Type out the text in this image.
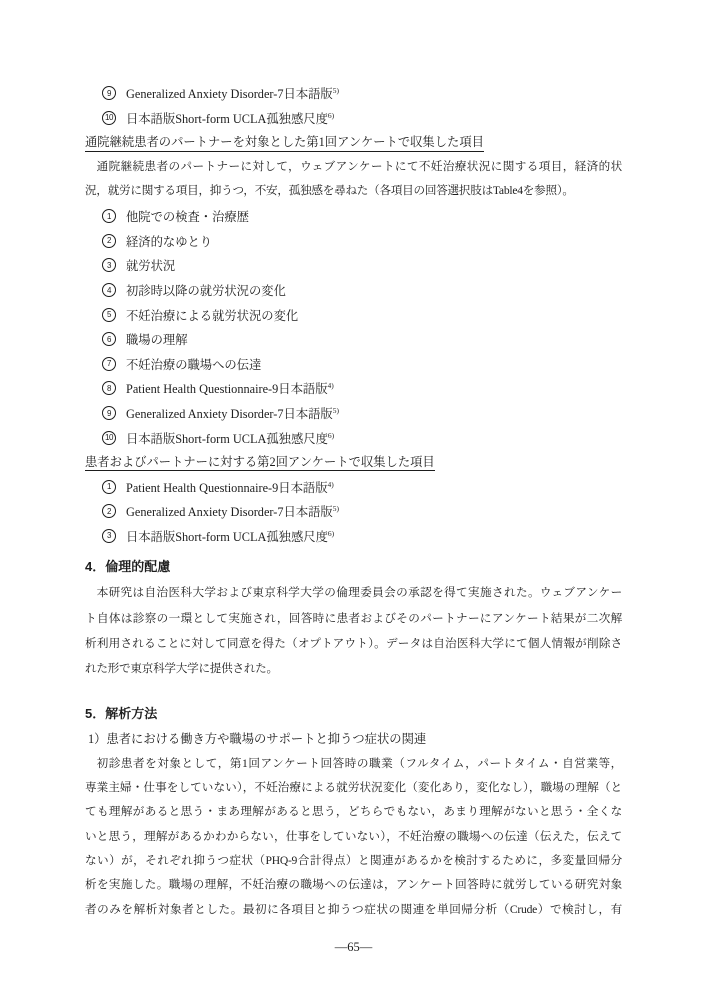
9	Generalized Anxiety Disorder-7日本語版$^{5)}$
10 日本語版Short-form UCLA孤独感尺度$^{6)}$
通院継続患者のパートナーを対象とした第1回アンケートで収集した項目
通院継続患者のパートナーに対して，ウェブアンケートにて不妊治療状況に関する項目，経済的状
況，就労に関する項目，抑うつ，不安，孤独感を尋ねた（各項目の回答選択肢はTable4を参照）。
1	他院での検査・治療歴
2	経済的なゆとり
3	就労状況
4	初診時以降の就労状況の変化
5	不妊治療による就労状況の変化
6	職場の理解
7	不妊治療の職場への伝達
8	Patient Health Questionnaire-9日本語版$^{4)}$
9	Generalized Anxiety Disorder-7日本語版$^{5)}$
10 日本語版Short-form UCLA孤独感尺度$^{6)}$
患者およびパートナーに対する第2回アンケートで収集した項目
1	Patient Health Questionnaire-9日本語版$^{4)}$
2	Generalized Anxiety Disorder-7日本語版$^{5)}$
3	日本語版Short-form UCLA孤独感尺度$^{6)}$
4．倫理的配慮
本研究は自治医科大学および東京科学大学の倫理委員会の承認を得て実施された。ウェブアンケー
ト自体は診察の一環として実施され，回答時に患者およびそのパートナーにアンケート結果が二次解
析利用されることに対して同意を得た（オプトアウト）。データは自治医科大学にて個人情報が削除さ
れた形で東京科学大学に提供された。
5．解析方法
1）患者における働き方や職場のサポートと抑うつ症状の関連
初診患者を対象として，第1回アンケート回答時の職業（フルタイム，パートタイム・自営業等，
専業主婦・仕事をしていない），不妊治療による就労状況変化（変化あり，変化なし），職場の理解（と
ても理解があると思う・まあ理解があると思う，どちらでもない，あまり理解がないと思う・全くな
いと思う，理解があるかわからない，仕事をしていない），不妊治療の職場への伝達（伝えた，伝えて
ない）が，それぞれ抑うつ症状（PHQ-9合計得点）と関連があるかを検討するために，多変量回帰分
析を実施した。職場の理解，不妊治療の職場への伝達は，アンケート回答時に就労している研究対象
者のみを解析対象者とした。最初に各項目と抑うつ症状の関連を単回帰分析（Crude）で検討し，有
—65—
